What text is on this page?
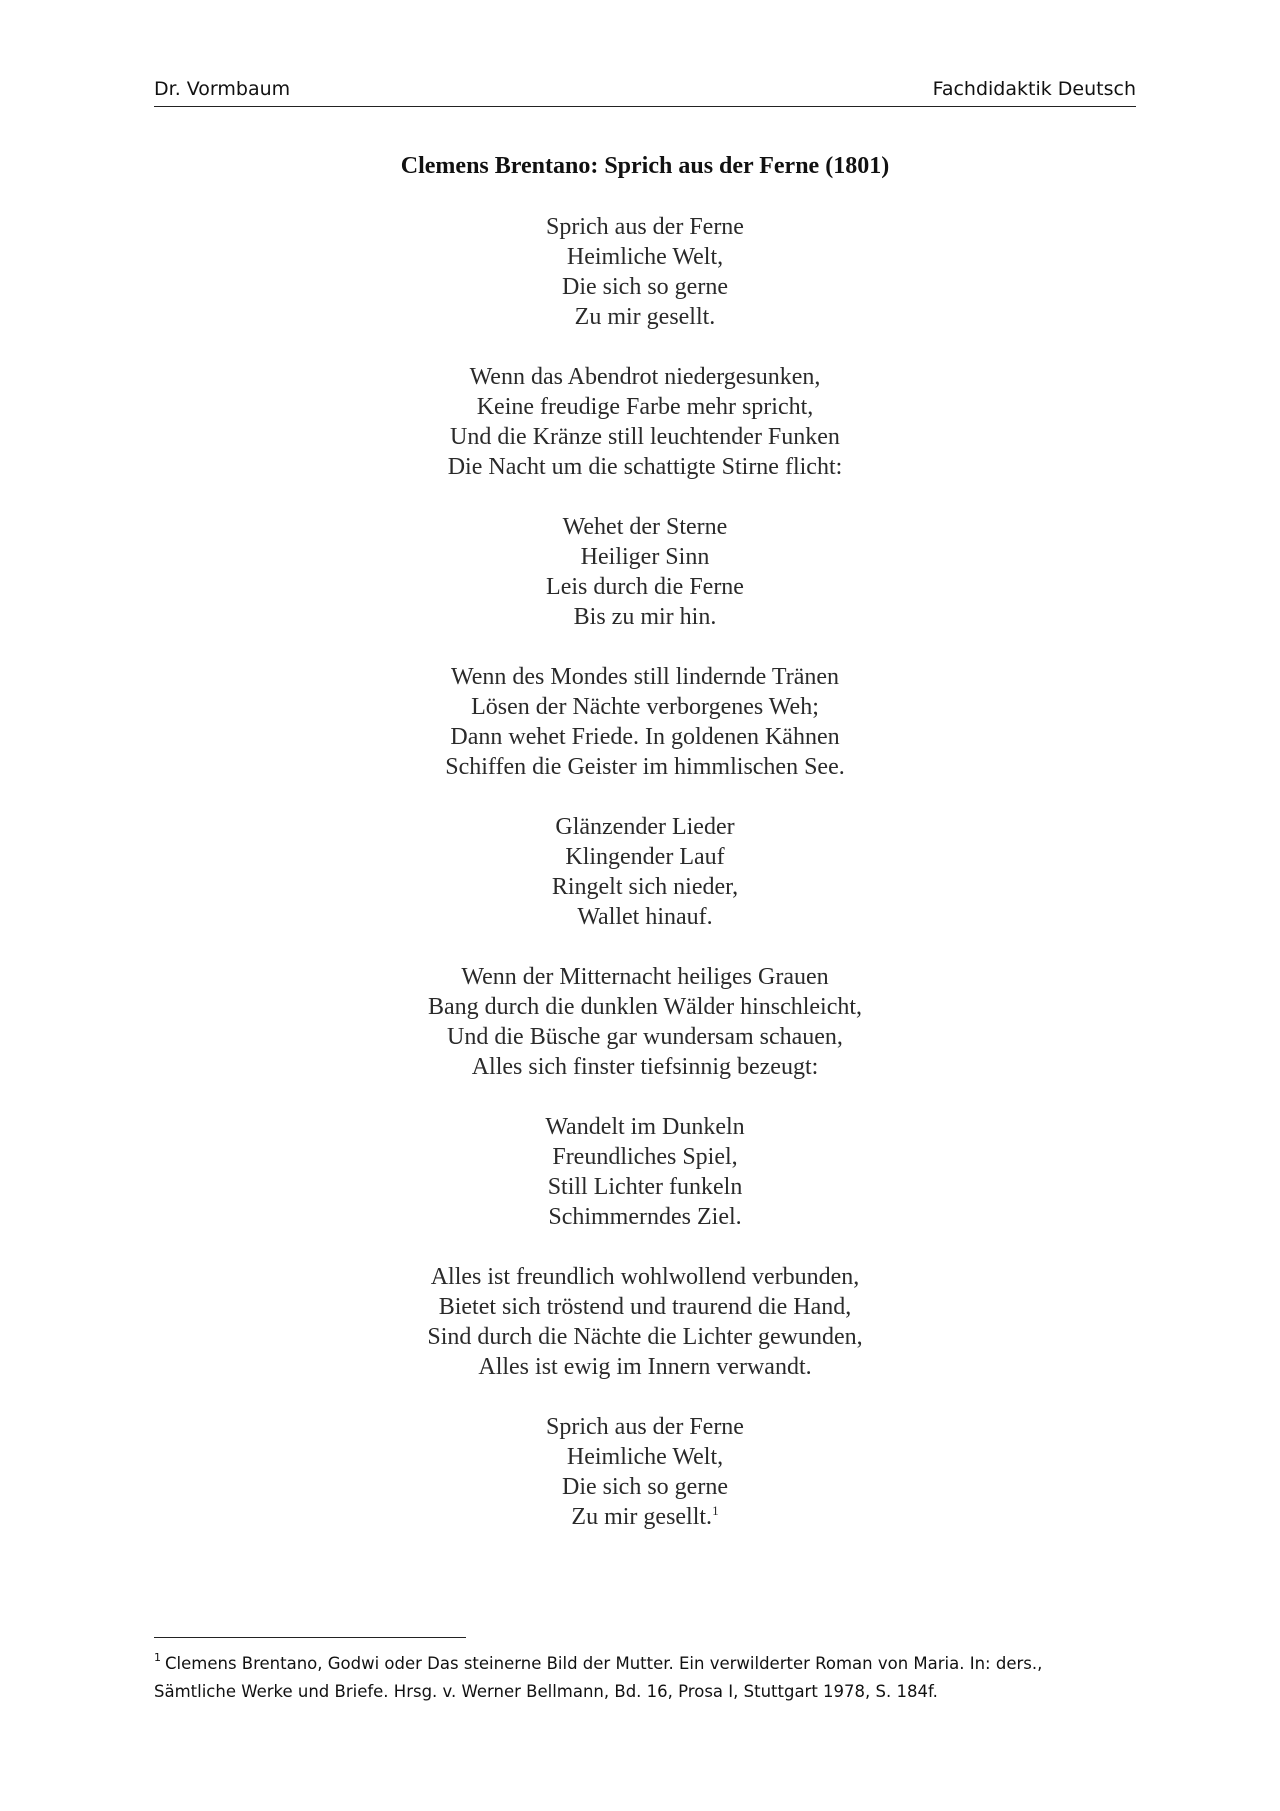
Dr. Vormbaum	Fachdidaktik Deutsch
Clemens Brentano: Sprich aus der Ferne (1801)
Sprich aus der Ferne
Heimliche Welt,
Die sich so gerne
Zu mir gesellt.
Wenn das Abendrot niedergesunken,
Keine freudige Farbe mehr spricht,
Und die Kränze still leuchtender Funken
Die Nacht um die schattigte Stirne flicht:
Wehet der Sterne
Heiliger Sinn
Leis durch die Ferne
Bis zu mir hin.
Wenn des Mondes still lindernde Tränen
Lösen der Nächte verborgenes Weh;
Dann wehet Friede. In goldenen Kähnen
Schiffen die Geister im himmlischen See.
Glänzender Lieder
Klingender Lauf
Ringelt sich nieder,
Wallet hinauf.
Wenn der Mitternacht heiliges Grauen
Bang durch die dunklen Wälder hinschleicht,
Und die Büsche gar wundersam schauen,
Alles sich finster tiefsinnig bezeugt:
Wandelt im Dunkeln
Freundliches Spiel,
Still Lichter funkeln
Schimmerndes Ziel.
Alles ist freundlich wohlwollend verbunden,
Bietet sich tröstend und traurend die Hand,
Sind durch die Nächte die Lichter gewunden,
Alles ist ewig im Innern verwandt.
Sprich aus der Ferne
Heimliche Welt,
Die sich so gerne
Zu mir gesellt.$^1$
$^1$ Clemens Brentano, Godwi oder Das steinerne Bild der Mutter. Ein verwilderter Roman von Maria. In: ders.,
Sämtliche Werke und Briefe. Hrsg. v. Werner Bellmann, Bd. 16, Prosa I, Stuttgart 1978, S. 184f.
